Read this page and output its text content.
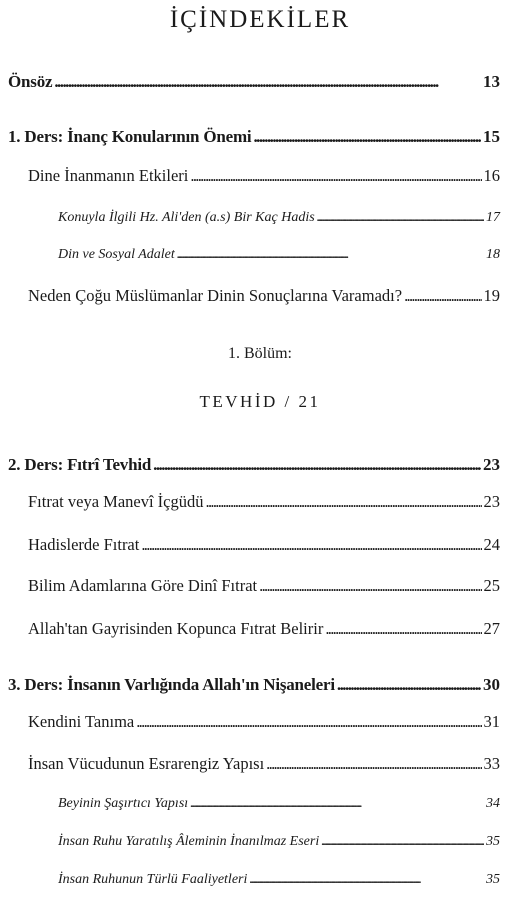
İÇİNDEKİLER
Önsöz . . .	13
1. Ders: İnanç Konularının Önemi . . .	15
Dine İnanmanın Etkileri . . .	16
Konuyla İlgili Hz. Ali'den (a.s) Bir Kaç Hadis . . .	17
Din ve Sosyal Adalet . . .	18
Neden Çoğu Müslümanlar Dinin Sonuçlarına Varamadı? . . .	19
1. Bölüm:
TEVHİD / 21
2. Ders: Fıtrî Tevhid . . .	23
Fıtrat veya Manevî İçgüdü . . .	23
Hadislerde Fıtrat . . .	24
Bilim Adamlarına Göre Dinî Fıtrat . . .	25
Allah'tan Gayrisinden Kopunca Fıtrat Belirir . . .	27
3. Ders: İnsanın Varlığında Allah'ın Nişaneleri . . .	30
Kendini Tanıma . . .	31
İnsan Vücudunun Esrarengiz Yapısı . . .	33
Beyinin Şaşırtıcı Yapısı . . .	34
İnsan Ruhu Yaratılış Âleminin İnanılmaz Eseri . . .	35
İnsan Ruhunun Türlü Faaliyetleri . . .	35
